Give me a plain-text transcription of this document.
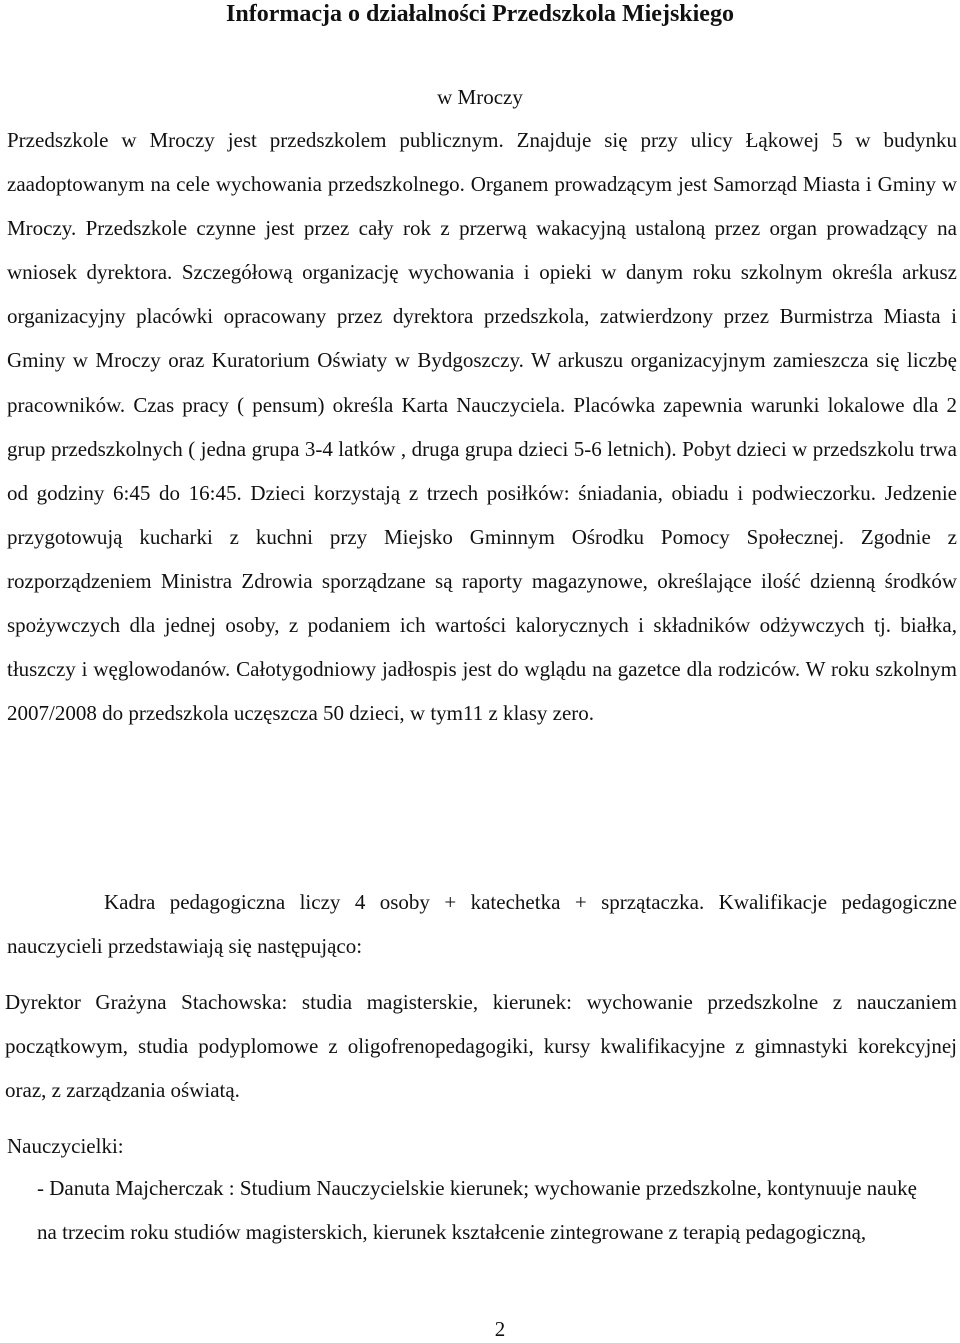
Informacja o działalności Przedszkola Miejskiego

w Mroczy

Przedszkole w Mroczy jest przedszkolem publicznym. Znajduje się przy ulicy Łąkowej 5 w budynku zaadoptowanym na cele wychowania przedszkolnego. Organem prowadzącym jest Samorząd Miasta i Gminy w Mroczy. Przedszkole czynne jest przez cały rok z przerwą wakacyjną ustaloną przez organ prowadzący na wniosek dyrektora. Szczegółową organizację wychowania i opieki w danym roku szkolnym określa arkusz organizacyjny placówki opracowany przez dyrektora przedszkola, zatwierdzony przez Burmistrza Miasta i Gminy w Mroczy oraz Kuratorium Oświaty w Bydgoszczy. W arkuszu organizacyjnym zamieszcza się liczbę pracowników. Czas pracy ( pensum) określa Karta Nauczyciela. Placówka zapewnia warunki lokalowe dla 2 grup przedszkolnych ( jedna grupa 3-4 latków , druga grupa dzieci 5-6 letnich). Pobyt dzieci w przedszkolu trwa od godziny 6:45 do 16:45. Dzieci korzystają z trzech posiłków: śniadania, obiadu i podwieczorku. Jedzenie przygotowują kucharki z kuchni przy Miejsko Gminnym Ośrodku Pomocy Społecznej. Zgodnie z rozporządzeniem Ministra Zdrowia sporządzane są raporty magazynowe, określające ilość dzienną środków spożywczych dla jednej osoby, z podaniem ich wartości kalorycznych i składników odżywczych tj. białka, tłuszczy i węglowodanów. Całotygodniowy jadłospis jest do wglądu na gazetce dla rodziców. W roku szkolnym 2007/2008 do przedszkola uczęszcza 50 dzieci, w tym11 z klasy zero.

Kadra pedagogiczna liczy 4 osoby + katechetka + sprzątaczka. Kwalifikacje pedagogiczne nauczycieli przedstawiają się następująco:

Dyrektor Grażyna Stachowska: studia magisterskie, kierunek: wychowanie przedszkolne z nauczaniem początkowym, studia podyplomowe z oligofrenopedagogiki, kursy kwalifikacyjne z gimnastyki korekcyjnej oraz, z zarządzania oświatą.

Nauczycielki:

- Danuta Majcherczak : Studium Nauczycielskie kierunek; wychowanie przedszkolne, kontynuuje naukę na trzecim roku studiów magisterskich, kierunek kształcenie zintegrowane z terapią pedagogiczną,

2
